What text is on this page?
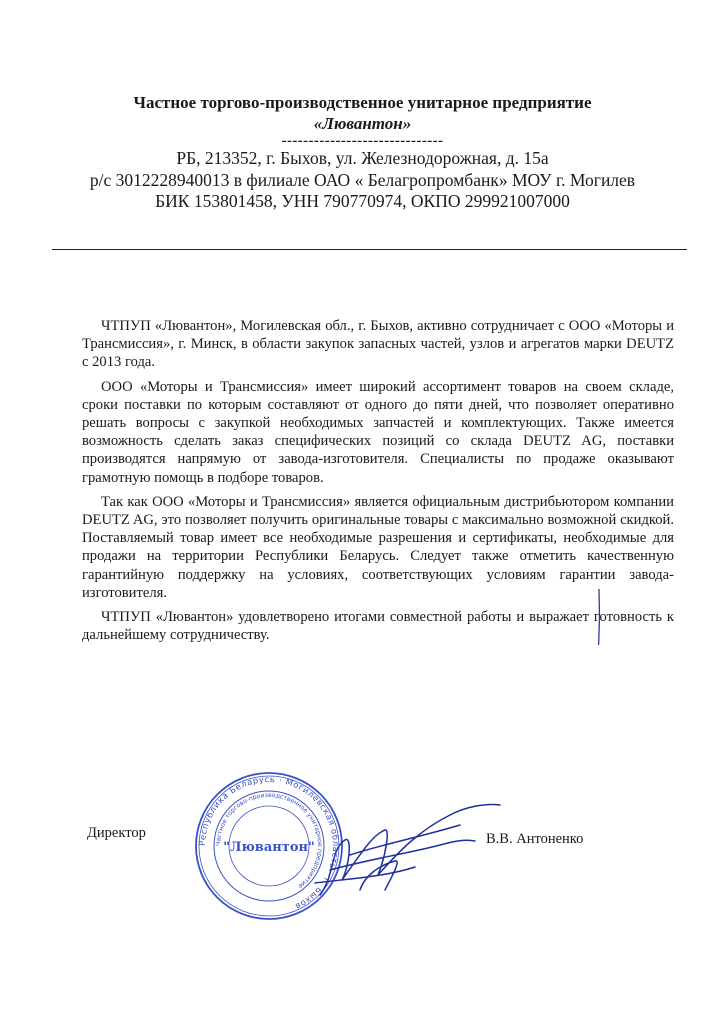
Частное торгово-производственное унитарное предприятие
«Лювантон»
------------------------------
РБ, 213352, г. Быхов, ул. Железнодорожная, д. 15а
р/с 3012228940013 в филиале ОАО « Белагропромбанк» МОУ г. Могилев
БИК 153801458, УНН 790770974, ОКПО 299921007000

ЧТПУП «Лювантон», Могилевская обл., г. Быхов, активно сотрудничает с ООО «Моторы и Трансмиссия», г. Минск, в области закупок запасных частей, узлов и агрегатов марки DEUTZ с 2013 года.

ООО «Моторы и Трансмиссия» имеет широкий ассортимент товаров на своем складе, сроки поставки по которым составляют от одного до пяти дней, что позволяет оперативно решать вопросы с закупкой необходимых запчастей и комплектующих. Также имеется возможность сделать заказ специфических позиций со склада DEUTZ AG, поставки производятся напрямую от завода-изготовителя. Специалисты по продаже оказывают грамотную помощь в подборе товаров.

Так как ООО «Моторы и Трансмиссия» является официальным дистрибьютором компании DEUTZ AG, это позволяет получить оригинальные товары с максимально возможной скидкой. Поставляемый товар имеет все необходимые разрешения и сертификаты, необходимые для продажи на территории Республики Беларусь. Следует также отметить качественную гарантийную поддержку на условиях, соответствующих условиям гарантии завода-изготовителя.

ЧТПУП «Лювантон» удовлетворено итогами совместной работы и выражает готовность к дальнейшему сотрудничеству.

Директор
Республика Беларусь · Могилевская область · г. Быхов
Частное торгово-производственное унитарное предприятие
"Лювантон"
В.В. Антоненко
